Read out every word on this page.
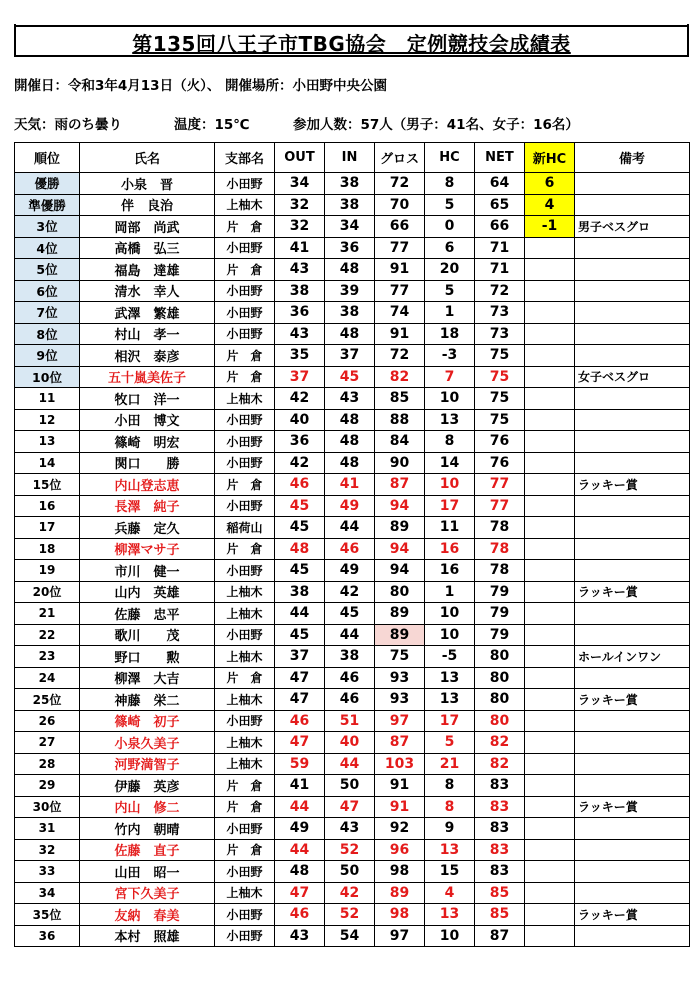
第135回八王子市TBG協会　定例競技会成績表
開催日：令和3年4月13日（火）、 開催場所：小田野中央公園
天気：雨のち曇り	温度：15℃	参加人数：57人（男子：41名、女子：16名）
順位	氏名	支部名	OUT	IN	グロス	HC	NET	新HC	備考
優勝	小泉　晋	小田野	34	38	72	8	64	6	
準優勝	伴　良治	上柚木	32	38	70	5	65	4	
3位	岡部　尚武	片　倉	32	34	66	0	66	-1	男子ベスグロ
4位	高橋　弘三	小田野	41	36	77	6	71		
5位	福島　達雄	片　倉	43	48	91	20	71		
6位	清水　幸人	小田野	38	39	77	5	72		
7位	武澤　繁雄	小田野	36	38	74	1	73		
8位	村山　孝一	小田野	43	48	91	18	73		
9位	相沢　泰彦	片　倉	35	37	72	-3	75		
10位	五十嵐美佐子	片　倉	37	45	82	7	75		女子ベスグロ
11	牧口　洋一	上柚木	42	43	85	10	75		
12	小田　博文	小田野	40	48	88	13	75		
13	篠崎　明宏	小田野	36	48	84	8	76		
14	関口　　勝	小田野	42	48	90	14	76		
15位	内山登志恵	片　倉	46	41	87	10	77		ラッキー賞
16	長澤　純子	小田野	45	49	94	17	77		
17	兵藤　定久	稲荷山	45	44	89	11	78		
18	柳澤マサ子	片　倉	48	46	94	16	78		
19	市川　健一	小田野	45	49	94	16	78		
20位	山内　英雄	上柚木	38	42	80	1	79		ラッキー賞
21	佐藤　忠平	上柚木	44	45	89	10	79		
22	歌川　　茂	小田野	45	44	89	10	79		
23	野口　　勲	上柚木	37	38	75	-5	80		ホールインワン
24	柳澤　大吉	片　倉	47	46	93	13	80		
25位	神藤　栄二	上柚木	47	46	93	13	80		ラッキー賞
26	篠崎　初子	小田野	46	51	97	17	80		
27	小泉久美子	上柚木	47	40	87	5	82		
28	河野満智子	上柚木	59	44	103	21	82		
29	伊藤　英彦	片　倉	41	50	91	8	83		
30位	内山　修二	片　倉	44	47	91	8	83		ラッキー賞
31	竹内　朝晴	小田野	49	43	92	9	83		
32	佐藤　直子	片　倉	44	52	96	13	83		
33	山田　昭一	小田野	48	50	98	15	83		
34	宮下久美子	上柚木	47	42	89	4	85		
35位	友納　春美	小田野	46	52	98	13	85		ラッキー賞
36	本村　照雄	小田野	43	54	97	10	87		
